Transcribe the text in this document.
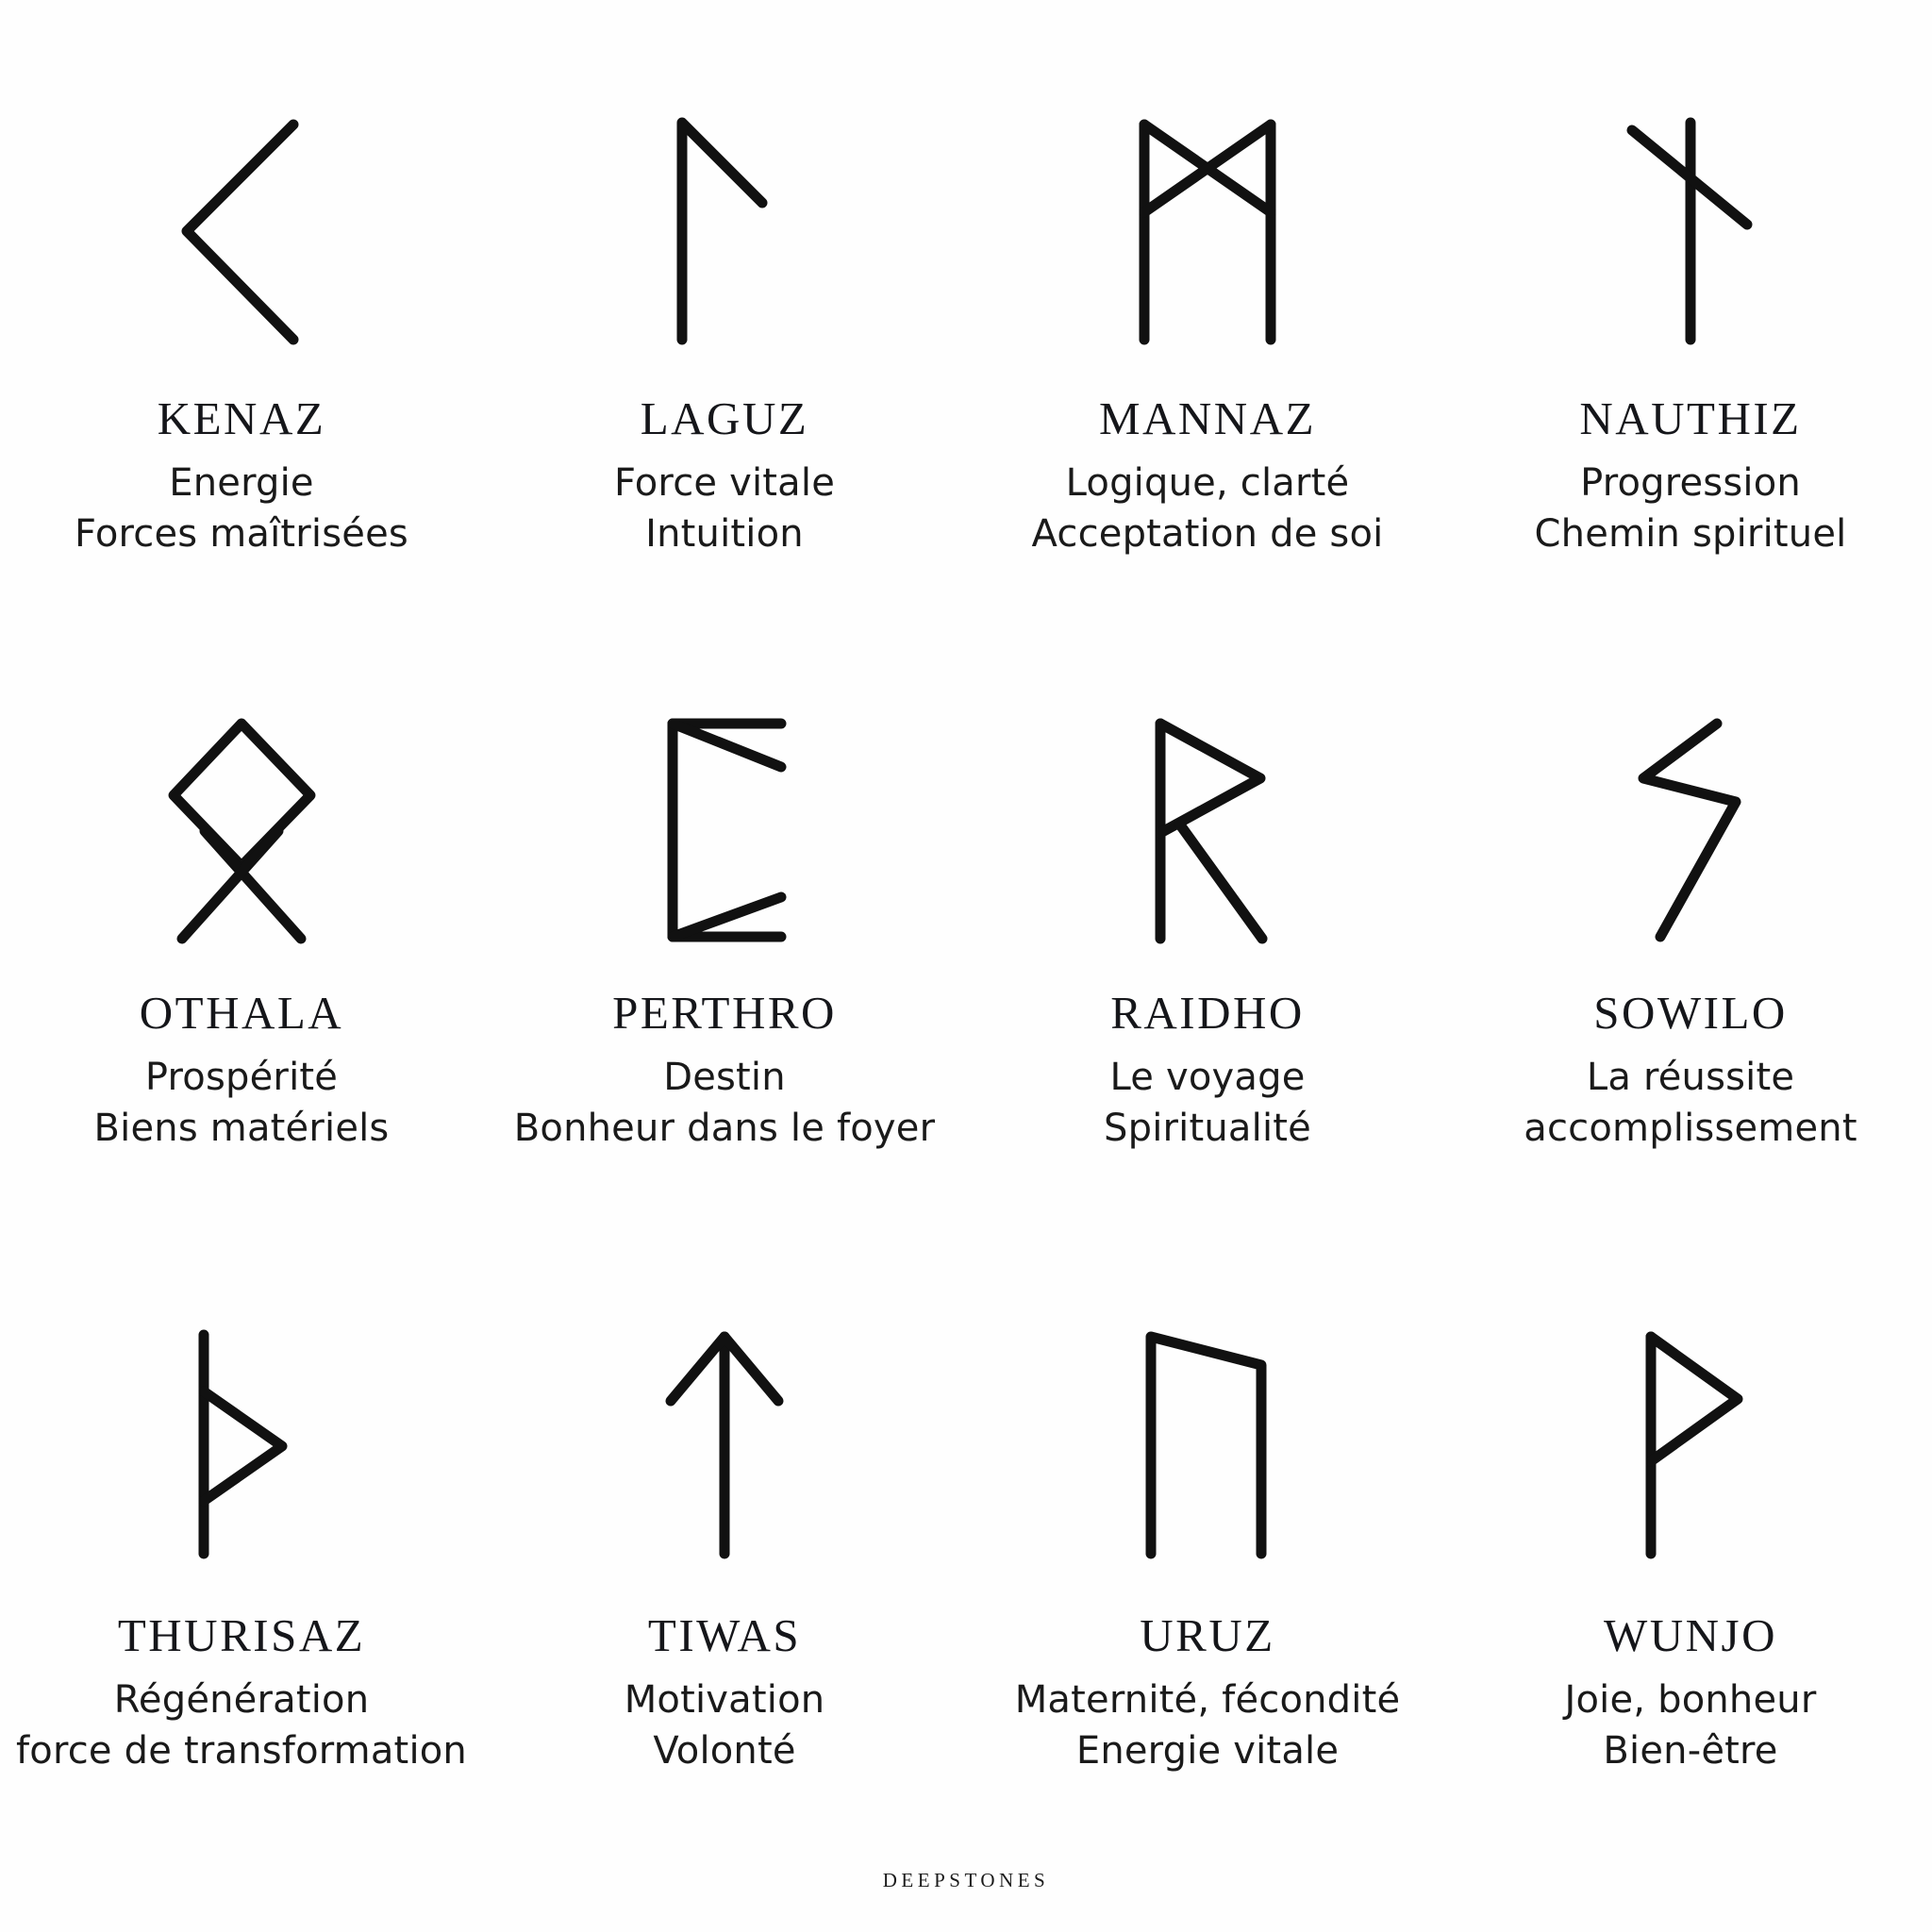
KENAZ
Energie
Forces maîtrisées
LAGUZ
Force vitale
Intuition
MANNAZ
Logique, clarté
Acceptation de soi
NAUTHIZ
Progression
Chemin spirituel
OTHALA
Prospérité
Biens matériels
PERTHRO
Destin
Bonheur dans le foyer
RAIDHO
Le voyage
Spiritualité
SOWILO
La réussite
accomplissement
THURISAZ
Régénération
force de transformation
TIWAS
Motivation
Volonté
URUZ
Maternité, fécondité
Energie vitale
WUNJO
Joie, bonheur
Bien-être
DEEPSTONES
